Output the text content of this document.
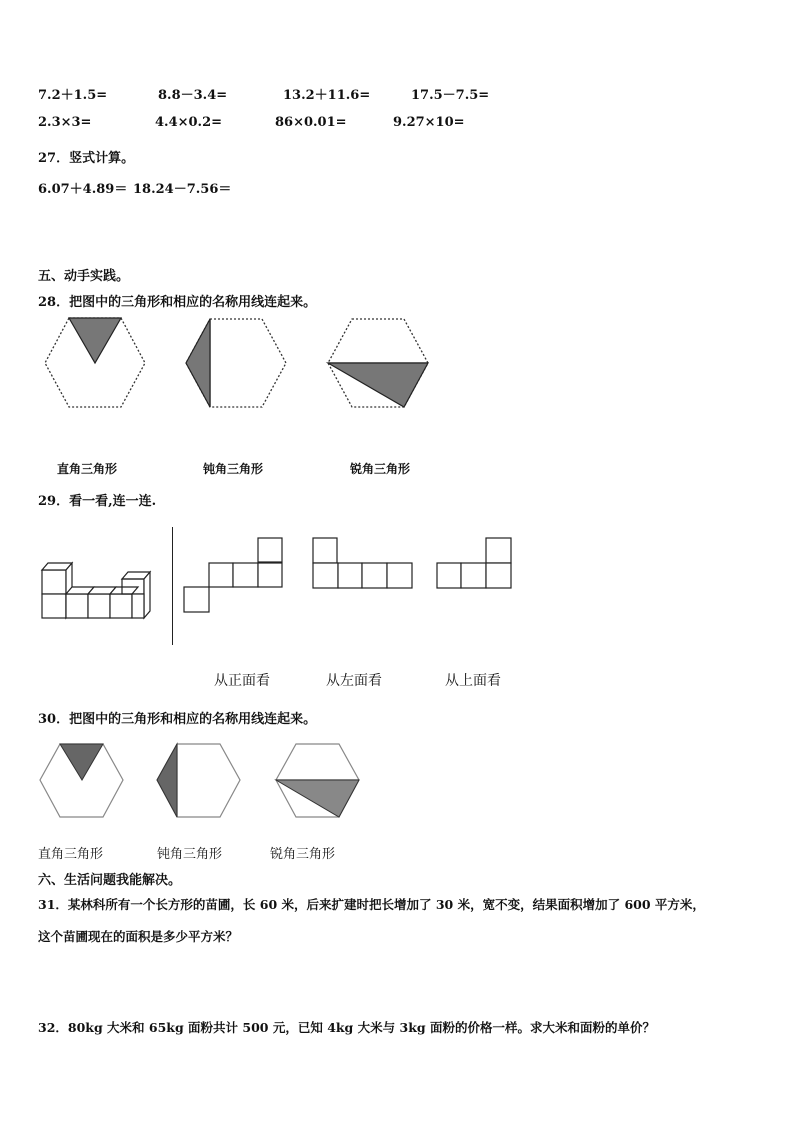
7.2＋1.5=	8.8－3.4=	13.2＋11.6=	17.5－7.5=
2.3×3=	4.4×0.2=	86×0.01=	9.27×10=
27．竖式计算。
6.07＋4.89＝ 18.24－7.56＝
五、动手实践。
28．把图中的三角形和相应的名称用线连起来。
直角三角形	钝角三角形	锐角三角形
29．看一看,连一连.
从正面看	从左面看	从上面看
30．把图中的三角形和相应的名称用线连起来。
直角三角形	钝角三角形	锐角三角形
六、生活问题我能解决。
31．某林科所有一个长方形的苗圃，长 60 米，后来扩建时把长增加了 30 米，宽不变，结果面积增加了 600 平方米，
这个苗圃现在的面积是多少平方米？
32．80kg 大米和 65kg 面粉共计 500 元，已知 4kg 大米与 3kg 面粉的价格一样。求大米和面粉的单价？
